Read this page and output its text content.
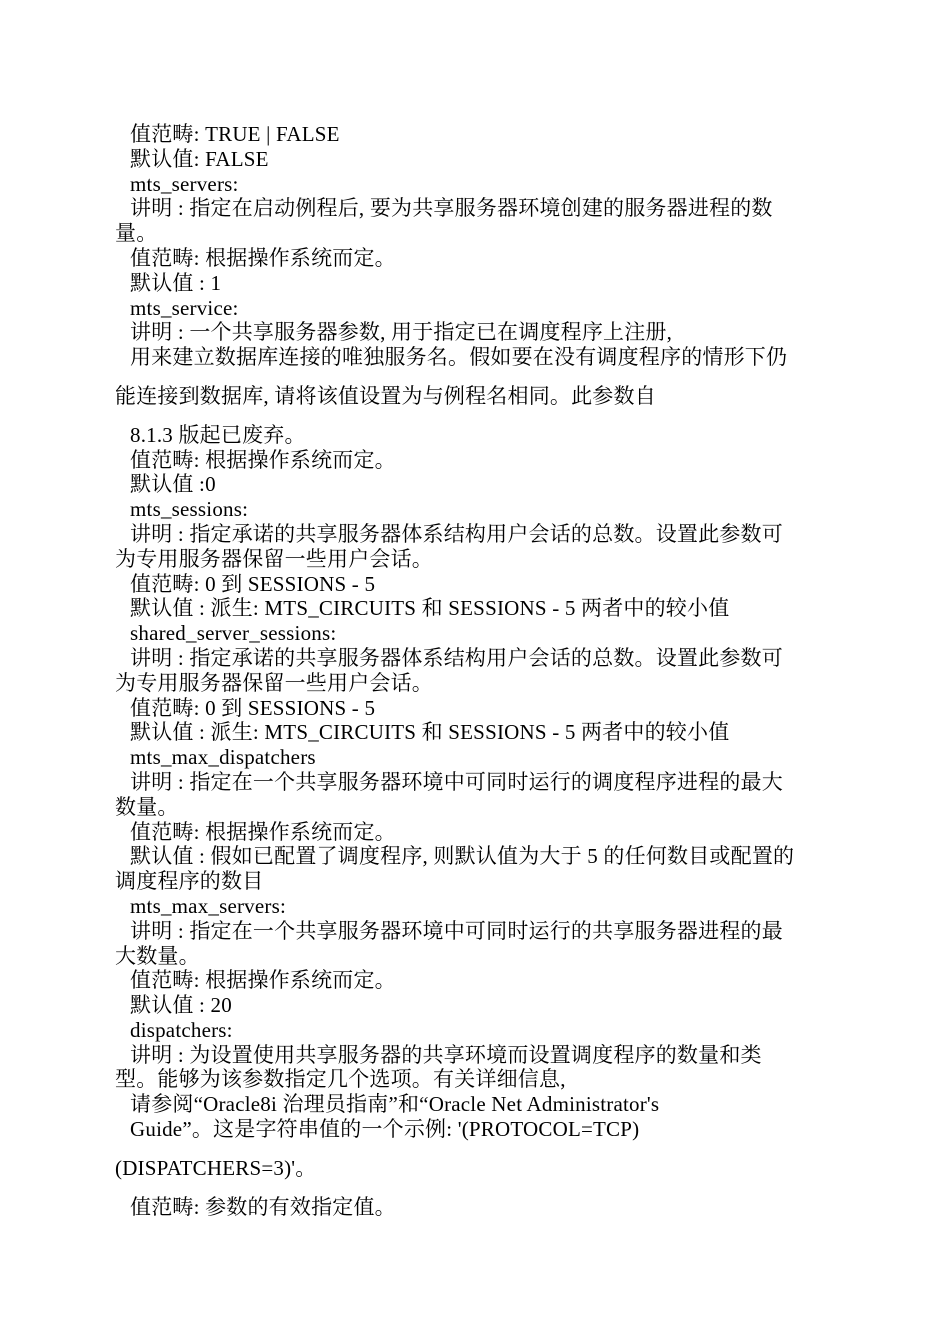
值范畴: TRUE | FALSE
默认值: FALSE
mts_servers:
讲明 : 指定在启动例程后, 要为共享服务器环境创建的服务器进程的数
量。
值范畴: 根据操作系统而定。
默认值 : 1
mts_service:
讲明 : 一个共享服务器参数, 用于指定已在调度程序上注册,
用来建立数据库连接的唯独服务名。假如要在没有调度程序的情形下仍
能连接到数据库, 请将该值设置为与例程名相同。此参数自
8.1.3 版起已废弃。
值范畴: 根据操作系统而定。
默认值 :0
mts_sessions:
讲明 : 指定承诺的共享服务器体系结构用户会话的总数。设置此参数可
为专用服务器保留一些用户会话。
值范畴: 0 到 SESSIONS - 5
默认值 : 派生: MTS_CIRCUITS 和 SESSIONS - 5 两者中的较小值
shared_server_sessions:
讲明 : 指定承诺的共享服务器体系结构用户会话的总数。设置此参数可
为专用服务器保留一些用户会话。
值范畴: 0 到 SESSIONS - 5
默认值 : 派生: MTS_CIRCUITS 和 SESSIONS - 5 两者中的较小值
mts_max_dispatchers
讲明 : 指定在一个共享服务器环境中可同时运行的调度程序进程的最大
数量。
值范畴: 根据操作系统而定。
默认值 : 假如已配置了调度程序, 则默认值为大于 5 的任何数目或配置的
调度程序的数目
mts_max_servers:
讲明 : 指定在一个共享服务器环境中可同时运行的共享服务器进程的最
大数量。
值范畴: 根据操作系统而定。
默认值 : 20
dispatchers:
讲明 : 为设置使用共享服务器的共享环境而设置调度程序的数量和类
型。能够为该参数指定几个选项。有关详细信息,
请参阅“Oracle8i 治理员指南”和“Oracle Net Administrator's
Guide”。这是字符串值的一个示例: '(PROTOCOL=TCP)
(DISPATCHERS=3)'。
值范畴: 参数的有效指定值。
